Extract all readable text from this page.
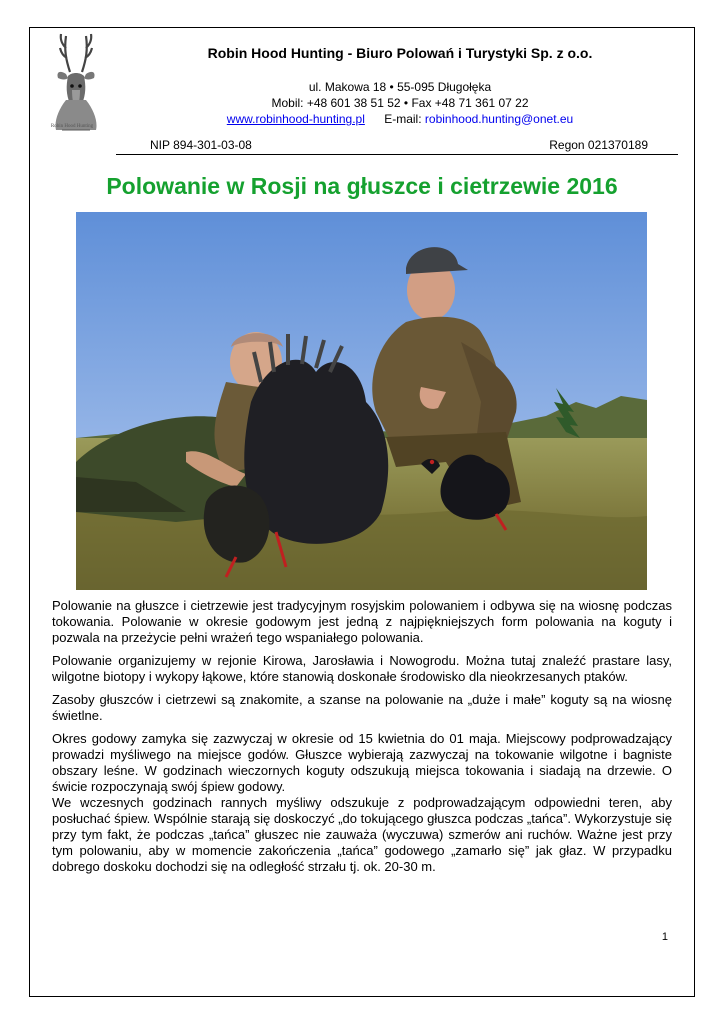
Robin Hood Hunting
Robin Hood Hunting - Biuro Polowań i Turystyki Sp. z o.o.
ul. Makowa 18 • 55-095 Długołęka
Mobil: +48 601 38 51 52 • Fax +48 71 361 07 22
www.robinhood-hunting.pl E-mail: robinhood.hunting@onet.eu
NIP 894-301-03-08	Regon 021370189
Polowanie w Rosji na głuszce i cietrzewie 2016

Polowanie na głuszce i cietrzewie jest tradycyjnym rosyjskim polowaniem i odbywa się na wiosnę podczas tokowania. Polowanie w okresie godowym jest jedną z najpiękniejszych form polowania na koguty i pozwala na przeżycie pełni wrażeń tego wspaniałego polowania.

Polowanie organizujemy w rejonie Kirowa, Jarosławia i Nowogrodu. Można tutaj znaleźć prastare lasy, wilgotne biotopy i wykopy łąkowe, które stanowią doskonałe środowisko dla nieokrzesanych ptaków.

Zasoby głuszców i cietrzewi są znakomite, a szanse na polowanie na „duże i małe” koguty są na wiosnę świetlne.

Okres godowy zamyka się zazwyczaj w okresie od 15 kwietnia do 01 maja. Miejscowy podprowadzający prowadzi myśliwego na miejsce godów. Głuszce wybierają zazwyczaj na tokowanie wilgotne i bagniste obszary leśne. W godzinach wieczornych koguty odszukują miejsca tokowania i siadają na drzewie. O świcie rozpoczynają swój śpiew godowy.

We wczesnych godzinach rannych myśliwy odszukuje z podprowadzającym odpowiedni teren, aby posłuchać śpiew. Wspólnie starają się doskoczyć „do tokującego głuszca podczas „tańca”. Wykorzystuje się przy tym fakt, że podczas „tańca” głuszec nie zauważa (wyczuwa) szmerów ani ruchów. Ważne jest przy tym polowaniu, aby w momencie zakończenia „tańca” godowego „zamarło się” jak głaz. W przypadku dobrego doskoku dochodzi się na odległość strzału tj. ok. 20-30 m.

1
